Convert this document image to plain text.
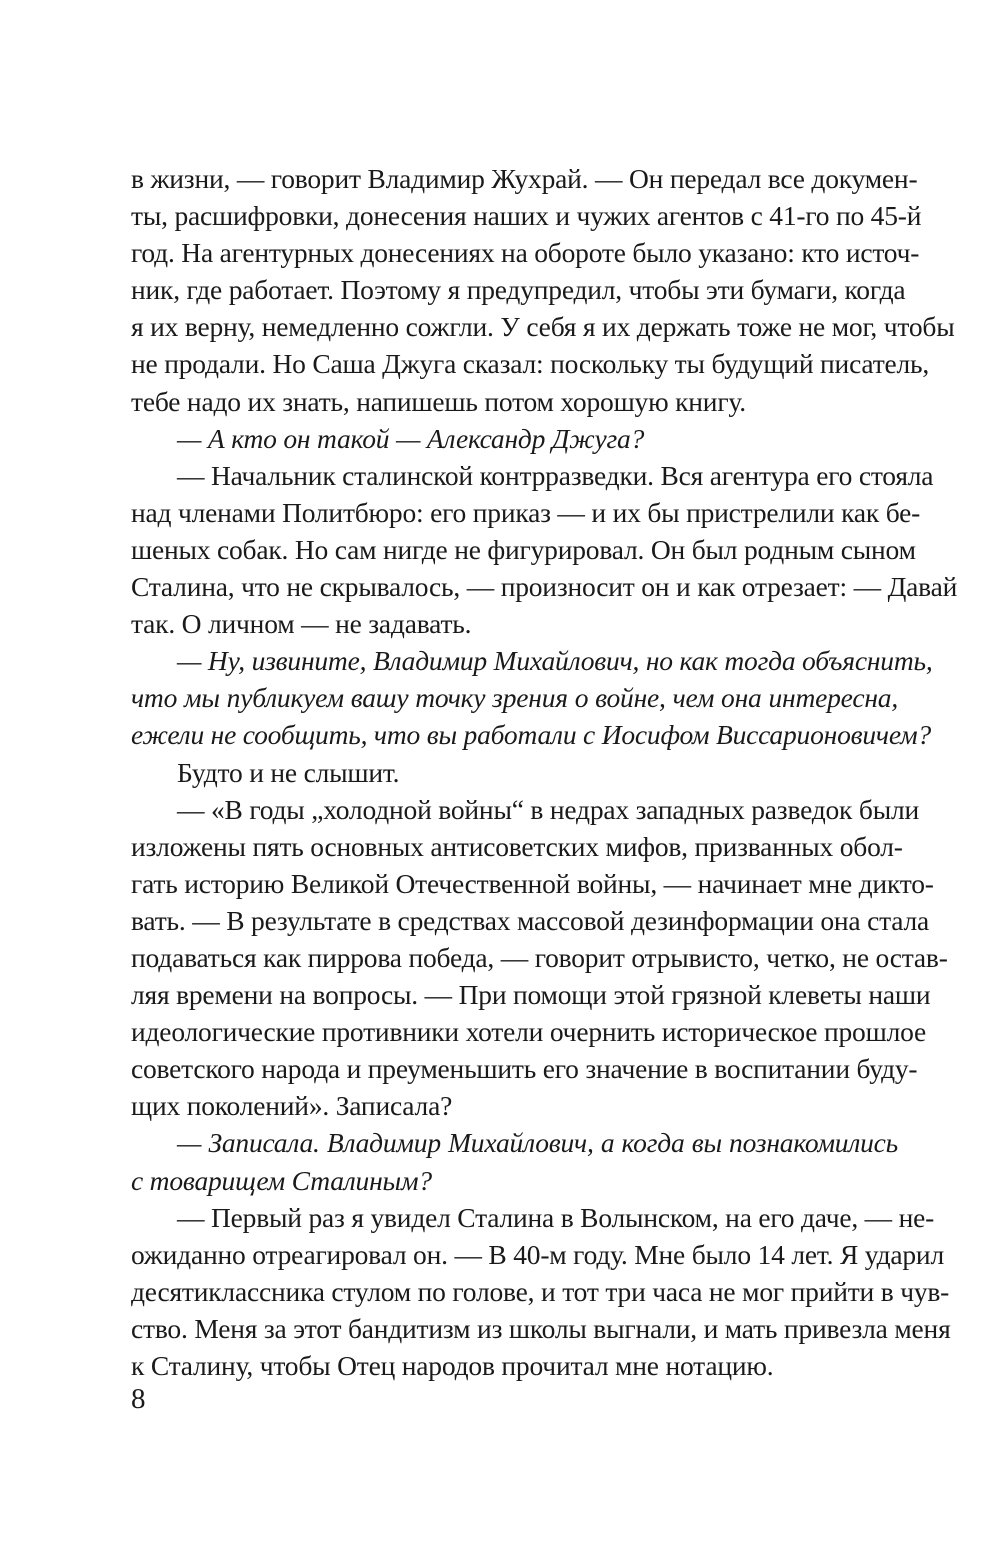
в жизни, — говорит Владимир Жухрай. — Он передал все докумен-
ты, расшифровки, донесения наших и чужих агентов с 41-го по 45-й
год. На агентурных донесениях на обороте было указано: кто источ-
ник, где работает. Поэтому я предупредил, чтобы эти бумаги, когда
я их верну, немедленно сожгли. У себя я их держать тоже не мог, чтобы
не продали. Но Саша Джуга сказал: поскольку ты будущий писатель,
тебе надо их знать, напишешь потом хорошую книгу.
— А кто он такой — Александр Джуга?
— Начальник сталинской контрразведки. Вся агентура его стояла
над членами Политбюро: его приказ — и их бы пристрелили как бе-
шеных собак. Но сам нигде не фигурировал. Он был родным сыном
Сталина, что не скрывалось, — произносит он и как отрезает: — Давай
так. О личном — не задавать.
— Ну, извините, Владимир Михайлович, но как тогда объяснить,
что мы публикуем вашу точку зрения о войне, чем она интересна,
ежели не сообщить, что вы работали с Иосифом Виссарионовичем?
Будто и не слышит.
— «В годы „холодной войны“ в недрах западных разведок были
изложены пять основных антисоветских мифов, призванных обол-
гать историю Великой Отечественной войны, — начинает мне дикто-
вать. — В результате в средствах массовой дезинформации она стала
подаваться как пиррова победа, — говорит отрывисто, четко, не остав-
ляя времени на вопросы. — При помощи этой грязной клеветы наши
идеологические противники хотели очернить историческое прошлое
советского народа и преуменьшить его значение в воспитании буду-
щих поколений». Записала?
— Записала. Владимир Михайлович, а когда вы познакомились
с товарищем Сталиным?
— Первый раз я увидел Сталина в Волынском, на его даче, — не-
ожиданно отреагировал он. — В 40-м году. Мне было 14 лет. Я ударил
десятиклассника стулом по голове, и тот три часа не мог прийти в чув-
ство. Меня за этот бандитизм из школы выгнали, и мать привезла меня
к Сталину, чтобы Отец народов прочитал мне нотацию.
8
